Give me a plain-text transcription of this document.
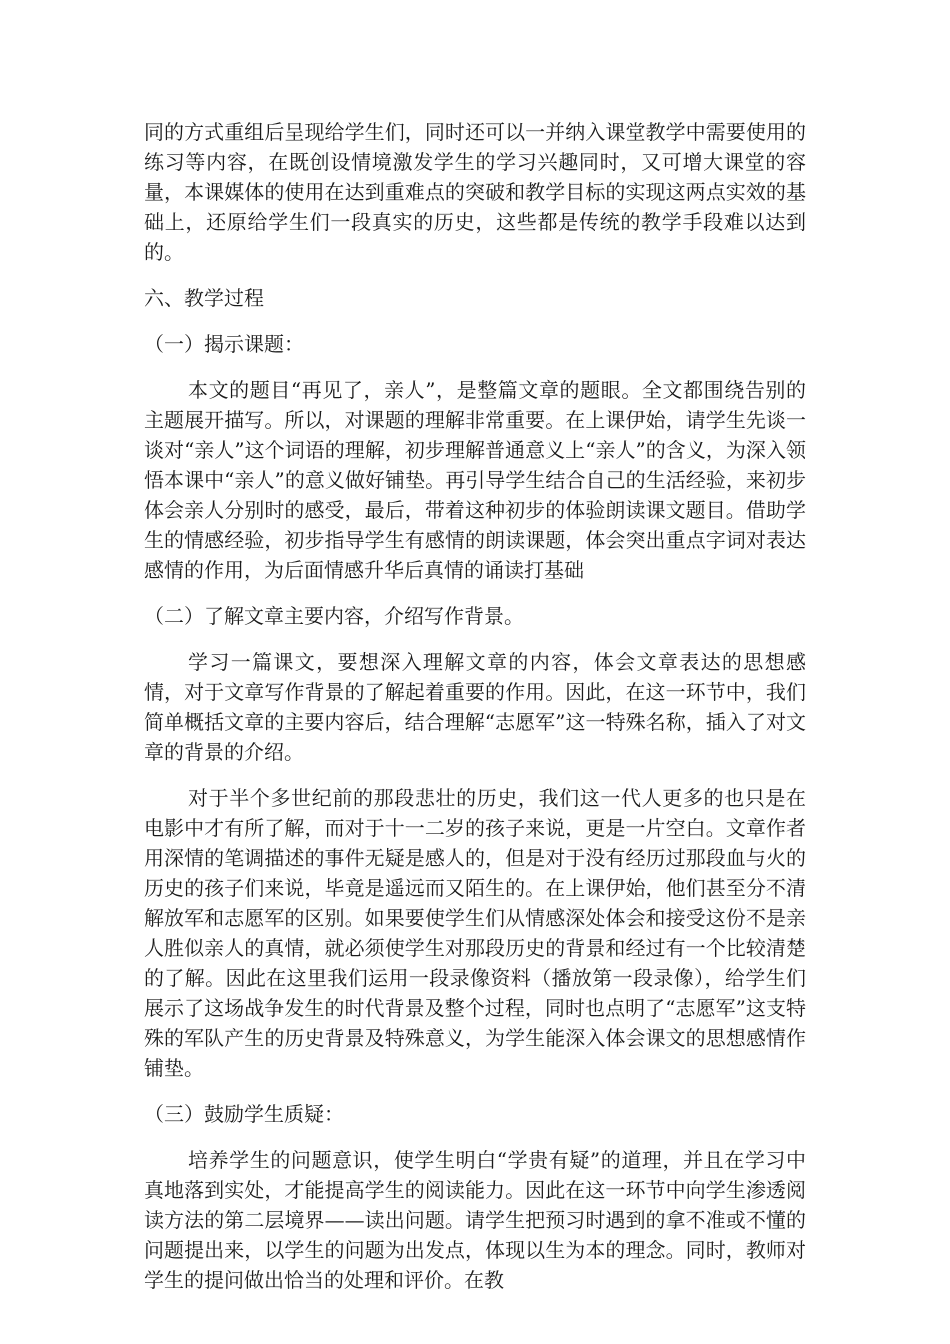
同的方式重组后呈现给学生们，同时还可以一并纳入课堂教学中需要使用的练习等内容，在既创设情境激发学生的学习兴趣同时，又可增大课堂的容量，本课媒体的使用在达到重难点的突破和教学目标的实现这两点实效的基础上，还原给学生们一段真实的历史，这些都是传统的教学手段难以达到的。

六、教学过程

（一）揭示课题：

本文的题目“再见了，亲人”，是整篇文章的题眼。全文都围绕告别的主题展开描写。所以，对课题的理解非常重要。在上课伊始，请学生先谈一谈对“亲人”这个词语的理解，初步理解普通意义上“亲人”的含义，为深入领悟本课中“亲人”的意义做好铺垫。再引导学生结合自己的生活经验，来初步体会亲人分别时的感受，最后，带着这种初步的体验朗读课文题目。借助学生的情感经验，初步指导学生有感情的朗读课题，体会突出重点字词对表达感情的作用，为后面情感升华后真情的诵读打基础

（二）了解文章主要内容，介绍写作背景。

学习一篇课文，要想深入理解文章的内容，体会文章表达的思想感情，对于文章写作背景的了解起着重要的作用。因此，在这一环节中，我们简单概括文章的主要内容后，结合理解“志愿军”这一特殊名称，插入了对文章的背景的介绍。

对于半个多世纪前的那段悲壮的历史，我们这一代人更多的也只是在电影中才有所了解，而对于十一二岁的孩子来说，更是一片空白。文章作者用深情的笔调描述的事件无疑是感人的，但是对于没有经历过那段血与火的历史的孩子们来说，毕竟是遥远而又陌生的。在上课伊始，他们甚至分不清解放军和志愿军的区别。如果要使学生们从情感深处体会和接受这份不是亲人胜似亲人的真情，就必须使学生对那段历史的背景和经过有一个比较清楚的了解。因此在这里我们运用一段录像资料（播放第一段录像），给学生们展示了这场战争发生的时代背景及整个过程，同时也点明了“志愿军”这支特殊的军队产生的历史背景及特殊意义，为学生能深入体会课文的思想感情作铺垫。

（三）鼓励学生质疑：

培养学生的问题意识，使学生明白“学贵有疑”的道理，并且在学习中真地落到实处，才能提高学生的阅读能力。因此在这一环节中向学生渗透阅读方法的第二层境界——读出问题。请学生把预习时遇到的拿不准或不懂的问题提出来，以学生的问题为出发点，体现以生为本的理念。同时，教师对学生的提问做出恰当的处理和评价。在教
